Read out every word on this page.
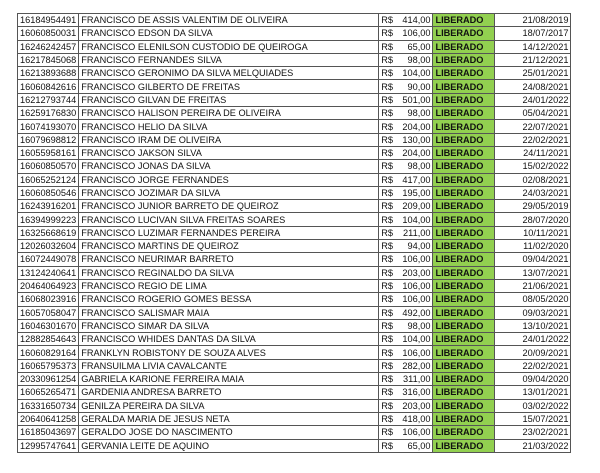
16184954491	FRANCISCO DE ASSIS VALENTIM DE OLIVEIRA	R$	414,00	LIBERADO	21/08/2019
16060850031	FRANCISCO EDSON DA SILVA	R$	106,00	LIBERADO	18/07/2017
16246242457	FRANCISCO ELENILSON CUSTODIO DE QUEIROGA	R$	65,00	LIBERADO	14/12/2021
16217845068	FRANCISCO FERNANDES SILVA	R$	98,00	LIBERADO	21/12/2021
16213893688	FRANCISCO GERONIMO DA SILVA MELQUIADES	R$	104,00	LIBERADO	25/01/2021
16060842616	FRANCISCO GILBERTO DE FREITAS	R$	90,00	LIBERADO	24/08/2021
16212793744	FRANCISCO GILVAN DE FREITAS	R$	501,00	LIBERADO	24/01/2022
16259176830	FRANCISCO HALISON PEREIRA DE OLIVEIRA	R$	98,00	LIBERADO	05/04/2021
16074193070	FRANCISCO HELIO DA SILVA	R$	204,00	LIBERADO	22/07/2021
16079698812	FRANCISCO IRAM DE OLIVEIRA	R$	130,00	LIBERADO	22/02/2021
16055958161	FRANCISCO JAKSON SILVA	R$	204,00	LIBERADO	24/11/2021
16060850570	FRANCISCO JONAS DA SILVA	R$	98,00	LIBERADO	15/02/2022
16065252124	FRANCISCO JORGE FERNANDES	R$	417,00	LIBERADO	02/08/2021
16060850546	FRANCISCO JOZIMAR DA SILVA	R$	195,00	LIBERADO	24/03/2021
16243916201	FRANCISCO JUNIOR BARRETO DE QUEIROZ	R$	209,00	LIBERADO	29/05/2019
16394999223	FRANCISCO LUCIVAN SILVA FREITAS SOARES	R$	104,00	LIBERADO	28/07/2020
16325668619	FRANCISCO LUZIMAR FERNANDES PEREIRA	R$	211,00	LIBERADO	10/11/2021
12026032604	FRANCISCO MARTINS DE QUEIROZ	R$	94,00	LIBERADO	11/02/2020
16072449078	FRANCISCO NEURIMAR BARRETO	R$	106,00	LIBERADO	09/04/2021
13124240641	FRANCISCO REGINALDO DA SILVA	R$	203,00	LIBERADO	13/07/2021
20464064923	FRANCISCO REGIO DE LIMA	R$	106,00	LIBERADO	21/06/2021
16068023916	FRANCISCO ROGERIO GOMES BESSA	R$	106,00	LIBERADO	08/05/2020
16057058047	FRANCISCO SALISMAR MAIA	R$	492,00	LIBERADO	09/03/2021
16046301670	FRANCISCO SIMAR DA SILVA	R$	98,00	LIBERADO	13/10/2021
12882854643	FRANCISCO WHIDES DANTAS DA SILVA	R$	104,00	LIBERADO	24/01/2022
16060829164	FRANKLYN ROBISTONY DE SOUZA ALVES	R$	106,00	LIBERADO	20/09/2021
16065795373	FRANSUILMA LIVIA CAVALCANTE	R$	282,00	LIBERADO	22/02/2021
20330961254	GABRIELA KARIONE FERREIRA MAIA	R$	311,00	LIBERADO	09/04/2020
16065265471	GARDENIA ANDRESA BARRETO	R$	316,00	LIBERADO	13/01/2021
16331650734	GENILZA PEREIRA DA SILVA	R$	203,00	LIBERADO	03/02/2022
20640641258	GERALDA MARIA DE JESUS NETA	R$	418,00	LIBERADO	15/07/2021
16185043697	GERALDO JOSE DO NASCIMENTO	R$	106,00	LIBERADO	23/02/2021
12995747641	GERVANIA LEITE DE AQUINO	R$	65,00	LIBERADO	21/03/2022
